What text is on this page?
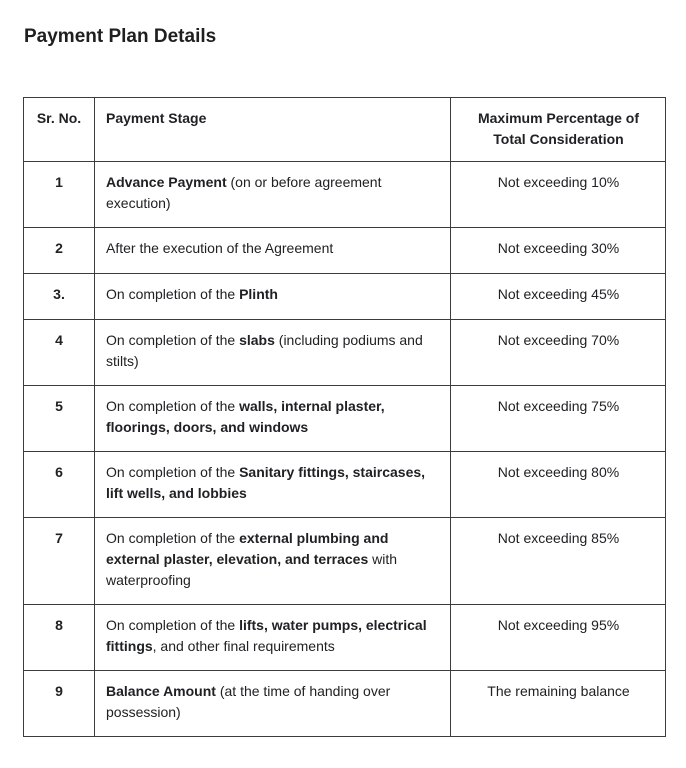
Payment Plan Details
Sr. No.	Payment Stage	Maximum Percentage of Total Consideration
1	Advance Payment (on or before agreement execution)	Not exceeding 10%
2	After the execution of the Agreement	Not exceeding 30%
3.	On completion of the Plinth	Not exceeding 45%
4	On completion of the slabs (including podiums and stilts)	Not exceeding 70%
5	On completion of the walls, internal plaster, floorings, doors, and windows	Not exceeding 75%
6	On completion of the Sanitary fittings, staircases, lift wells, and lobbies	Not exceeding 80%
7	On completion of the external plumbing and external plaster, elevation, and terraces with waterproofing	Not exceeding 85%
8	On completion of the lifts, water pumps, electrical fittings, and other final requirements	Not exceeding 95%
9	Balance Amount (at the time of handing over possession)	The remaining balance
